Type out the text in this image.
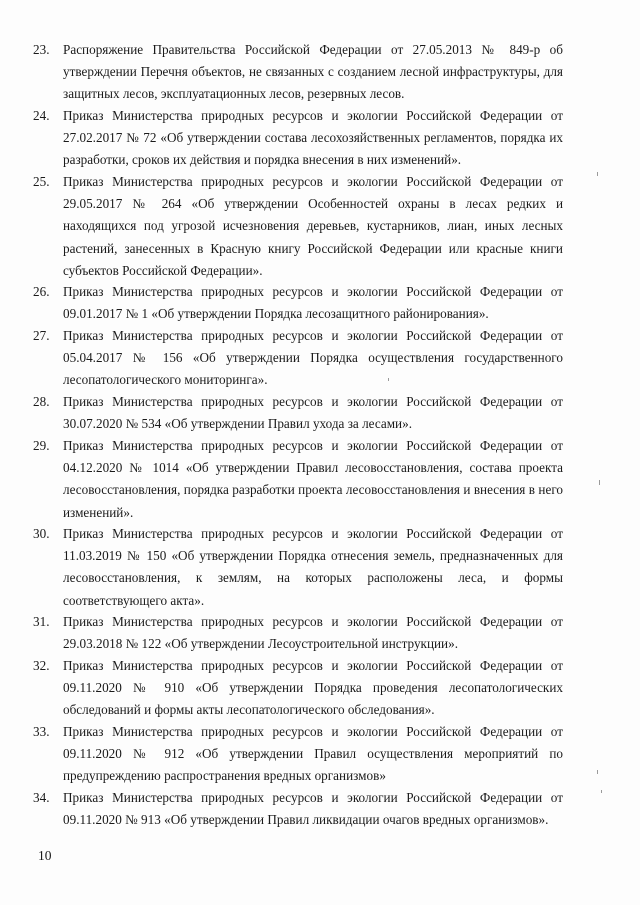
23.	Распоряжение Правительства Российской Федерации от 27.05.2013 № 849-р об утверждении Перечня объектов, не связанных с созданием лесной инфраструктуры, для защитных лесов, эксплуатационных лесов, резервных лесов.
24.	Приказ Министерства природных ресурсов и экологии Российской Федерации от 27.02.2017 № 72 «Об утверждении состава лесохозяйственных регламентов, порядка их разработки, сроков их действия и порядка внесения в них изменений».
25.	Приказ Министерства природных ресурсов и экологии Российской Федерации от 29.05.2017 № 264 «Об утверждении Особенностей охраны в лесах редких и находящихся под угрозой исчезновения деревьев, кустарников, лиан, иных лесных растений, занесенных в Красную книгу Российской Федерации или красные книги субъектов Российской Федерации».
26.	Приказ Министерства природных ресурсов и экологии Российской Федерации от 09.01.2017 № 1 «Об утверждении Порядка лесозащитного районирования».
27.	Приказ Министерства природных ресурсов и экологии Российской Федерации от 05.04.2017 № 156 «Об утверждении Порядка осуществления государственного лесопатологического мониторинга».
28.	Приказ Министерства природных ресурсов и экологии Российской Федерации от 30.07.2020 № 534 «Об утверждении Правил ухода за лесами».
29.	Приказ Министерства природных ресурсов и экологии Российской Федерации от 04.12.2020 № 1014 «Об утверждении Правил лесовосстановления, состава проекта лесовосстановления, порядка разработки проекта лесовосстановления и внесения в него изменений».
30.	Приказ Министерства природных ресурсов и экологии Российской Федерации от 11.03.2019 № 150 «Об утверждении Порядка отнесения земель, предназначенных для лесовосстановления, к землям, на которых расположены леса, и формы соответствующего акта».
31.	Приказ Министерства природных ресурсов и экологии Российской Федерации от 29.03.2018 № 122 «Об утверждении Лесоустроительной инструкции».
32.	Приказ Министерства природных ресурсов и экологии Российской Федерации от 09.11.2020 № 910 «Об утверждении Порядка проведения лесопатологических обследований и формы акты лесопатологического обследования».
33.	Приказ Министерства природных ресурсов и экологии Российской Федерации от 09.11.2020 № 912 «Об утверждении Правил осуществления мероприятий по предупреждению распространения вредных организмов»
34.	Приказ Министерства природных ресурсов и экологии Российской Федерации от 09.11.2020 № 913 «Об утверждении Правил ликвидации очагов вредных организмов».
10
